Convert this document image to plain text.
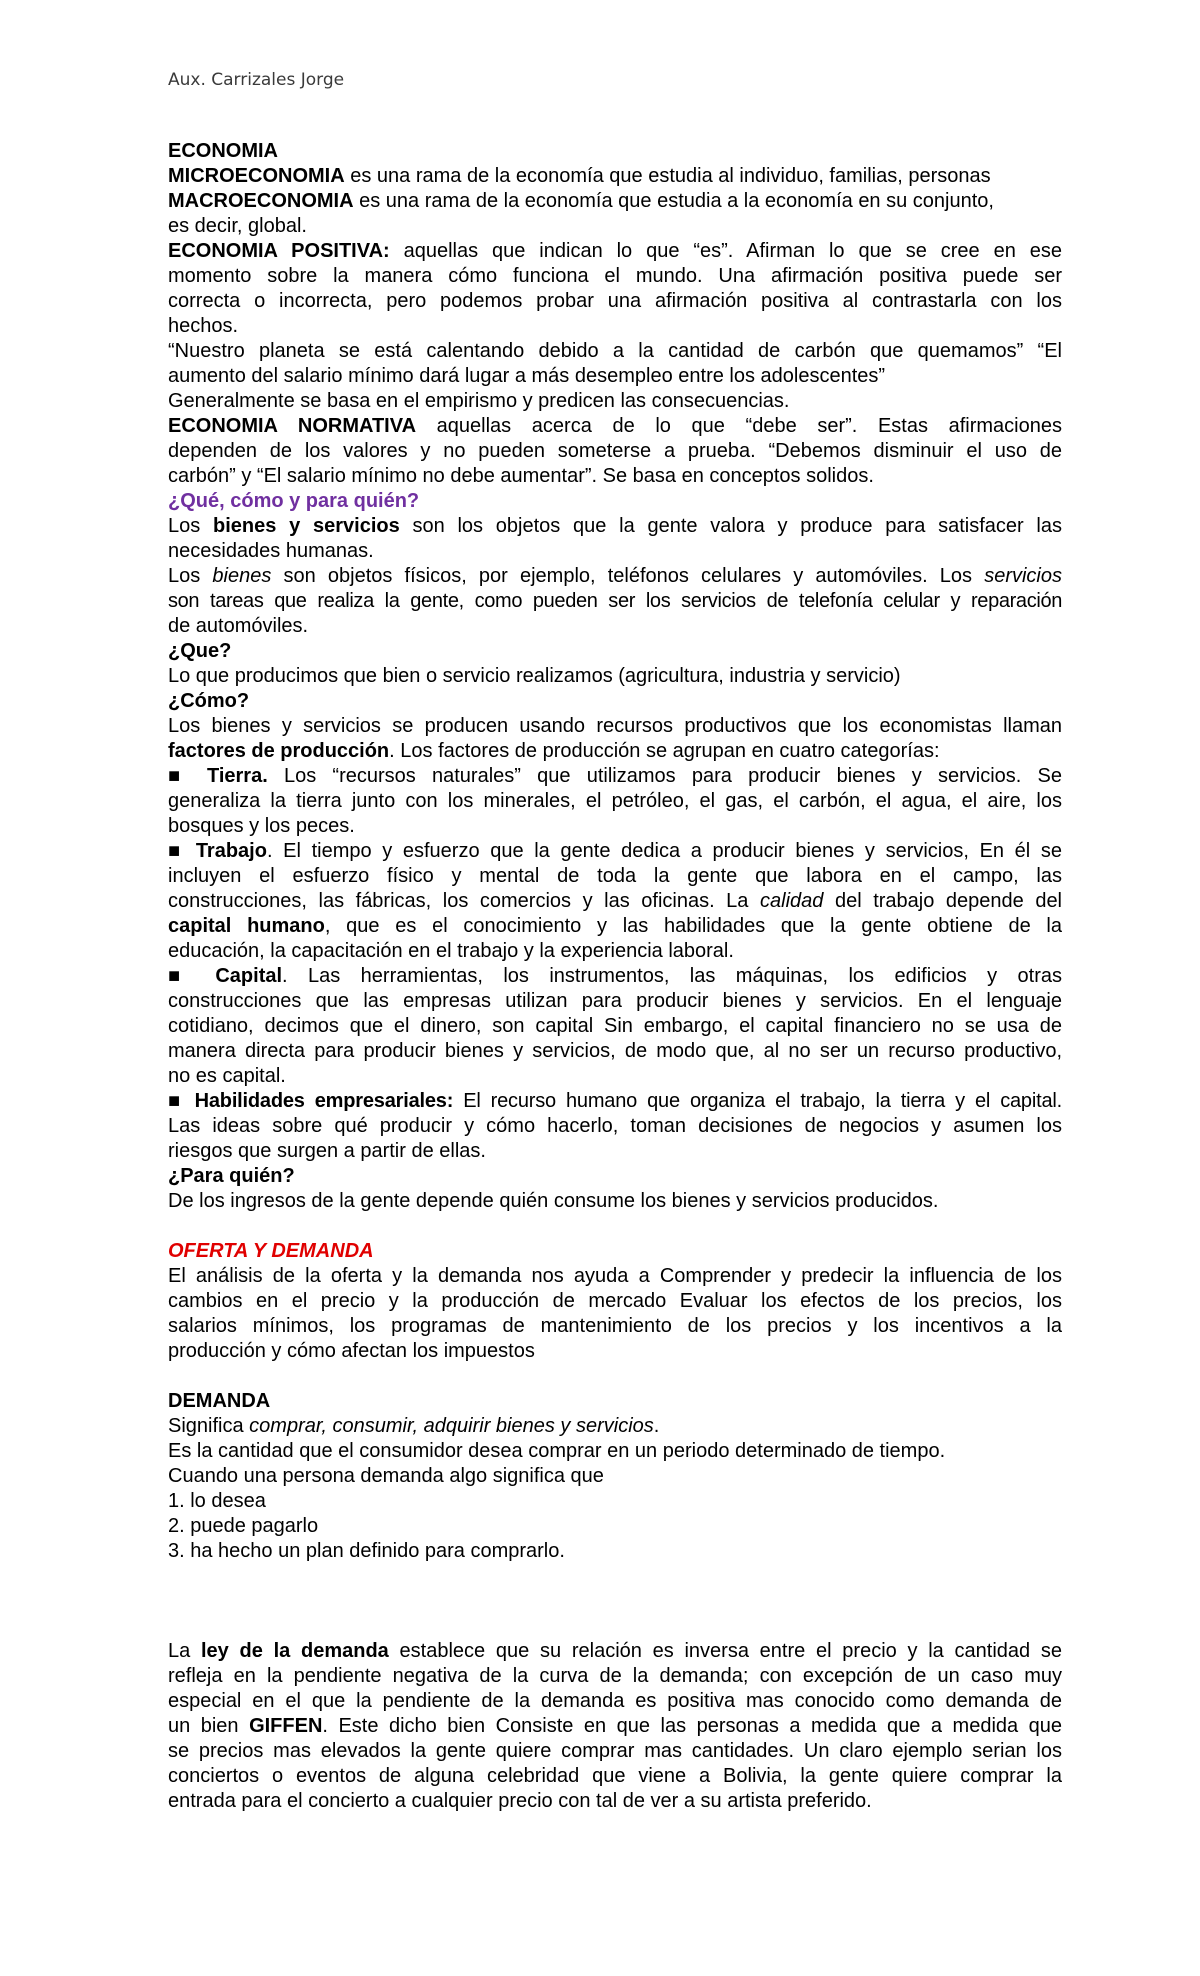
Aux. Carrizales Jorge
ECONOMIA
MICROECONOMIA es una rama de la economía que estudia al individuo, familias, personas
MACROECONOMIA es una rama de la economía que estudia a la economía en su conjunto,
es decir, global.
ECONOMIA POSITIVA: aquellas que indican lo que “es”. Afirman lo que se cree en ese
momento sobre la manera cómo funciona el mundo. Una afirmación positiva puede ser
correcta o incorrecta, pero podemos probar una afirmación positiva al contrastarla con los
hechos.
“Nuestro planeta se está calentando debido a la cantidad de carbón que quemamos” “El
aumento del salario mínimo dará lugar a más desempleo entre los adolescentes”
Generalmente se basa en el empirismo y predicen las consecuencias.
ECONOMIA NORMATIVA aquellas acerca de lo que “debe ser”. Estas afirmaciones
dependen de los valores y no pueden someterse a prueba. “Debemos disminuir el uso de
carbón” y “El salario mínimo no debe aumentar”. Se basa en conceptos solidos.
¿Qué, cómo y para quién?
Los bienes y servicios son los objetos que la gente valora y produce para satisfacer las
necesidades humanas.
Los bienes son objetos físicos, por ejemplo, teléfonos celulares y automóviles. Los servicios
son tareas que realiza la gente, como pueden ser los servicios de telefonía celular y reparación
de automóviles.
¿Que?
Lo que producimos que bien o servicio realizamos (agricultura, industria y servicio)
¿Cómo?
Los bienes y servicios se producen usando recursos productivos que los economistas llaman
factores de producción. Los factores de producción se agrupan en cuatro categorías:
■ Tierra. Los “recursos naturales” que utilizamos para producir bienes y servicios. Se
generaliza la tierra junto con los minerales, el petróleo, el gas, el carbón, el agua, el aire, los
bosques y los peces.
■ Trabajo. El tiempo y esfuerzo que la gente dedica a producir bienes y servicios, En él se
incluyen el esfuerzo físico y mental de toda la gente que labora en el campo, las
construcciones, las fábricas, los comercios y las oficinas. La calidad del trabajo depende del
capital humano, que es el conocimiento y las habilidades que la gente obtiene de la
educación, la capacitación en el trabajo y la experiencia laboral.
■ Capital. Las herramientas, los instrumentos, las máquinas, los edificios y otras
construcciones que las empresas utilizan para producir bienes y servicios. En el lenguaje
cotidiano, decimos que el dinero, son capital Sin embargo, el capital financiero no se usa de
manera directa para producir bienes y servicios, de modo que, al no ser un recurso productivo,
no es capital.
■ Habilidades empresariales: El recurso humano que organiza el trabajo, la tierra y el capital.
Las ideas sobre qué producir y cómo hacerlo, toman decisiones de negocios y asumen los
riesgos que surgen a partir de ellas.
¿Para quién?
De los ingresos de la gente depende quién consume los bienes y servicios producidos.
OFERTA Y DEMANDA
El análisis de la oferta y la demanda nos ayuda a Comprender y predecir la influencia de los
cambios en el precio y la producción de mercado Evaluar los efectos de los precios, los
salarios mínimos, los programas de mantenimiento de los precios y los incentivos a la
producción y cómo afectan los impuestos
DEMANDA
Significa comprar, consumir, adquirir bienes y servicios.
Es la cantidad que el consumidor desea comprar en un periodo determinado de tiempo.
Cuando una persona demanda algo significa que
1. lo desea
2. puede pagarlo
3. ha hecho un plan definido para comprarlo.
La ley de la demanda establece que su relación es inversa entre el precio y la cantidad se
refleja en la pendiente negativa de la curva de la demanda; con excepción de un caso muy
especial en el que la pendiente de la demanda es positiva mas conocido como demanda de
un bien GIFFEN. Este dicho bien Consiste en que las personas a medida que a medida que
se precios mas elevados la gente quiere comprar mas cantidades. Un claro ejemplo serian los
conciertos o eventos de alguna celebridad que viene a Bolivia, la gente quiere comprar la
entrada para el concierto a cualquier precio con tal de ver a su artista preferido.
